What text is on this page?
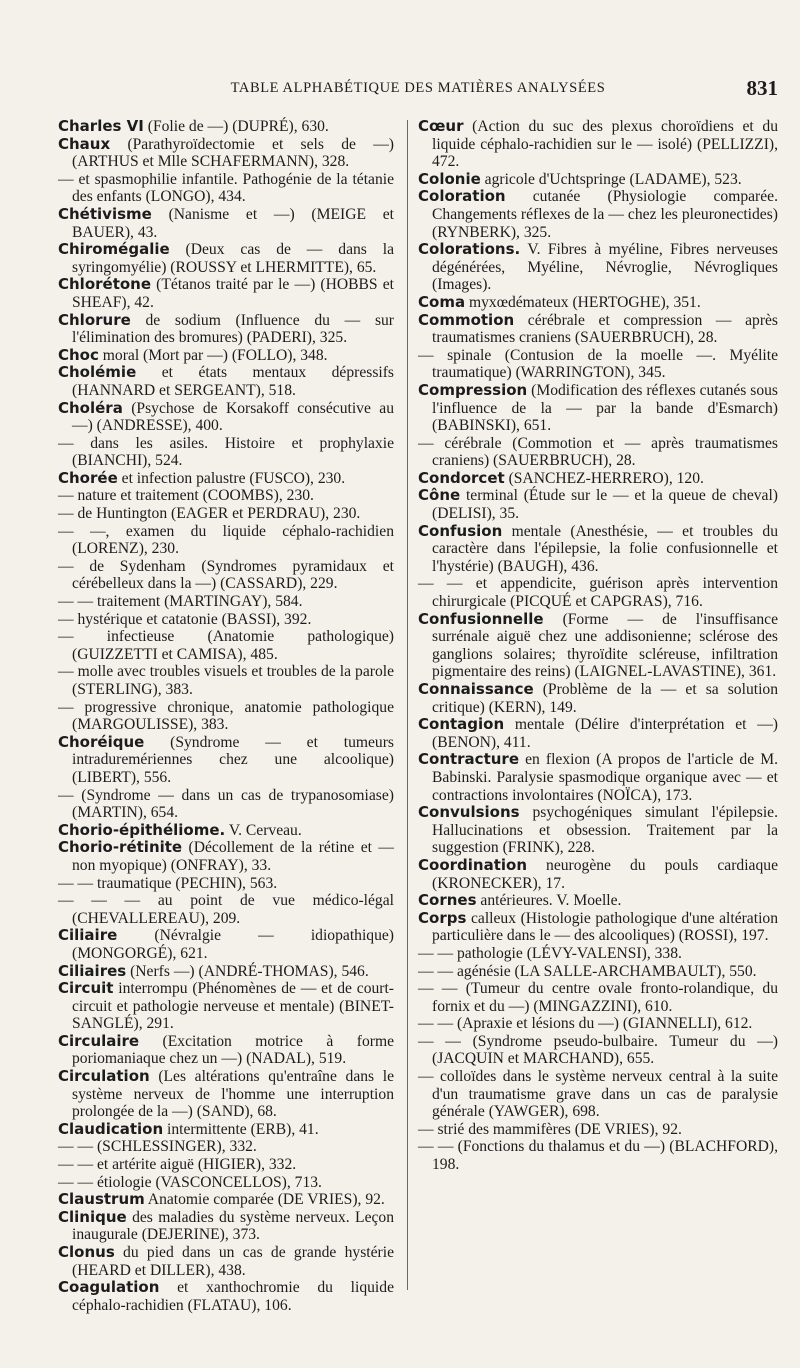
TABLE ALPHABÉTIQUE DES MATIÈRES ANALYSÉES	831

Charles VI (Folie de —) (DUPRÉ), 630.

Chaux (Parathyroïdectomie et sels de —) (ARTHUS et Mlle SCHAFERMANN), 328.

— et spasmophilie infantile. Pathogénie de la tétanie des enfants (LONGO), 434.

Chétivisme (Nanisme et —) (MEIGE et BAUER), 43.

Chiromégalie (Deux cas de — dans la syringomyélie) (ROUSSY et LHERMITTE), 65.

Chlorétone (Tétanos traité par le —) (HOBBS et SHEAF), 42.

Chlorure de sodium (Influence du — sur l'élimination des bromures) (PADERI), 325.

Choc moral (Mort par —) (FOLLO), 348.

Cholémie et états mentaux dépressifs (HANNARD et SERGEANT), 518.

Choléra (Psychose de Korsakoff consécutive au —) (ANDRESSE), 400.

— dans les asiles. Histoire et prophylaxie (BIANCHI), 524.

Chorée et infection palustre (FUSCO), 230.

— nature et traitement (COOMBS), 230.

— de Huntington (EAGER et PERDRAU), 230.

— —, examen du liquide céphalo-rachidien (LORENZ), 230.

— de Sydenham (Syndromes pyramidaux et cérébelleux dans la —) (CASSARD), 229.

— — traitement (MARTINGAY), 584.

— hystérique et catatonie (BASSI), 392.

— infectieuse (Anatomie pathologique) (GUIZZETTI et CAMISA), 485.

— molle avec troubles visuels et troubles de la parole (STERLING), 383.

— progressive chronique, anatomie pathologique (MARGOULISSE), 383.

Choréique (Syndrome — et tumeurs intraduremériennes chez une alcoolique) (LIBERT), 556.

— (Syndrome — dans un cas de trypanosomiase) (MARTIN), 654.

Chorio-épithéliome. V. Cerveau.

Chorio-rétinite (Décollement de la rétine et — non myopique) (ONFRAY), 33.

— — traumatique (PECHIN), 563.

— — — au point de vue médico-légal (CHEVALLEREAU), 209.

Ciliaire (Névralgie — idiopathique) (MONGORGÉ), 621.

Ciliaires (Nerfs —) (ANDRÉ-THOMAS), 546.

Circuit interrompu (Phénomènes de — et de court-circuit et pathologie nerveuse et mentale) (BINET-SANGLÉ), 291.

Circulaire (Excitation motrice à forme poriomaniaque chez un —) (NADAL), 519.

Circulation (Les altérations qu'entraîne dans le système nerveux de l'homme une interruption prolongée de la —) (SAND), 68.

Claudication intermittente (ERB), 41.

— — (SCHLESSINGER), 332.

— — et artérite aiguë (HIGIER), 332.

— — étiologie (VASCONCELLOS), 713.

Claustrum Anatomie comparée (DE VRIES), 92.

Clinique des maladies du système nerveux. Leçon inaugurale (DEJERINE), 373.

Clonus du pied dans un cas de grande hystérie (HEARD et DILLER), 438.

Coagulation et xanthochromie du liquide céphalo-rachidien (FLATAU), 106.

Cœur (Action du suc des plexus choroïdiens et du liquide céphalo-rachidien sur le — isolé) (PELLIZZI), 472.

Colonie agricole d'Uchtspringe (LADAME), 523.

Coloration cutanée (Physiologie comparée. Changements réflexes de la — chez les pleuronectides) (RYNBERK), 325.

Colorations. V. Fibres à myéline, Fibres nerveuses dégénérées, Myéline, Névroglie, Névrogliques (Images).

Coma myxœdémateux (HERTOGHE), 351.

Commotion cérébrale et compression — après traumatismes craniens (SAUERBRUCH), 28.

— spinale (Contusion de la moelle —. Myélite traumatique) (WARRINGTON), 345.

Compression (Modification des réflexes cutanés sous l'influence de la — par la bande d'Esmarch) (BABINSKI), 651.

— cérébrale (Commotion et — après traumatismes craniens) (SAUERBRUCH), 28.

Condorcet (SANCHEZ-HERRERO), 120.

Cône terminal (Étude sur le — et la queue de cheval) (DELISI), 35.

Confusion mentale (Anesthésie, — et troubles du caractère dans l'épilepsie, la folie confusionnelle et l'hystérie) (BAUGH), 436.

— — et appendicite, guérison après intervention chirurgicale (PICQUÉ et CAPGRAS), 716.

Confusionnelle (Forme — de l'insuffisance surrénale aiguë chez une addisonienne; sclérose des ganglions solaires; thyroïdite scléreuse, infiltration pigmentaire des reins) (LAIGNEL-LAVASTINE), 361.

Connaissance (Problème de la — et sa solution critique) (KERN), 149.

Contagion mentale (Délire d'interprétation et —) (BENON), 411.

Contracture en flexion (A propos de l'article de M. Babinski. Paralysie spasmodique organique avec — et contractions involontaires (NOÏCA), 173.

Convulsions psychogéniques simulant l'épilepsie. Hallucinations et obsession. Traitement par la suggestion (FRINK), 228.

Coordination neurogène du pouls cardiaque (KRONECKER), 17.

Cornes antérieures. V. Moelle.

Corps calleux (Histologie pathologique d'une altération particulière dans le — des alcooliques) (ROSSI), 197.

— — pathologie (LÉVY-VALENSI), 338.

— — agénésie (LA SALLE-ARCHAMBAULT), 550.

— — (Tumeur du centre ovale fronto-rolandique, du fornix et du —) (MINGAZZINI), 610.

— — (Apraxie et lésions du —) (GIANNELLI), 612.

— — (Syndrome pseudo-bulbaire. Tumeur du —) (JACQUIN et MARCHAND), 655.

— colloïdes dans le système nerveux central à la suite d'un traumatisme grave dans un cas de paralysie générale (YAWGER), 698.

— strié des mammifères (DE VRIES), 92.

— — (Fonctions du thalamus et du —) (BLACHFORD), 198.
